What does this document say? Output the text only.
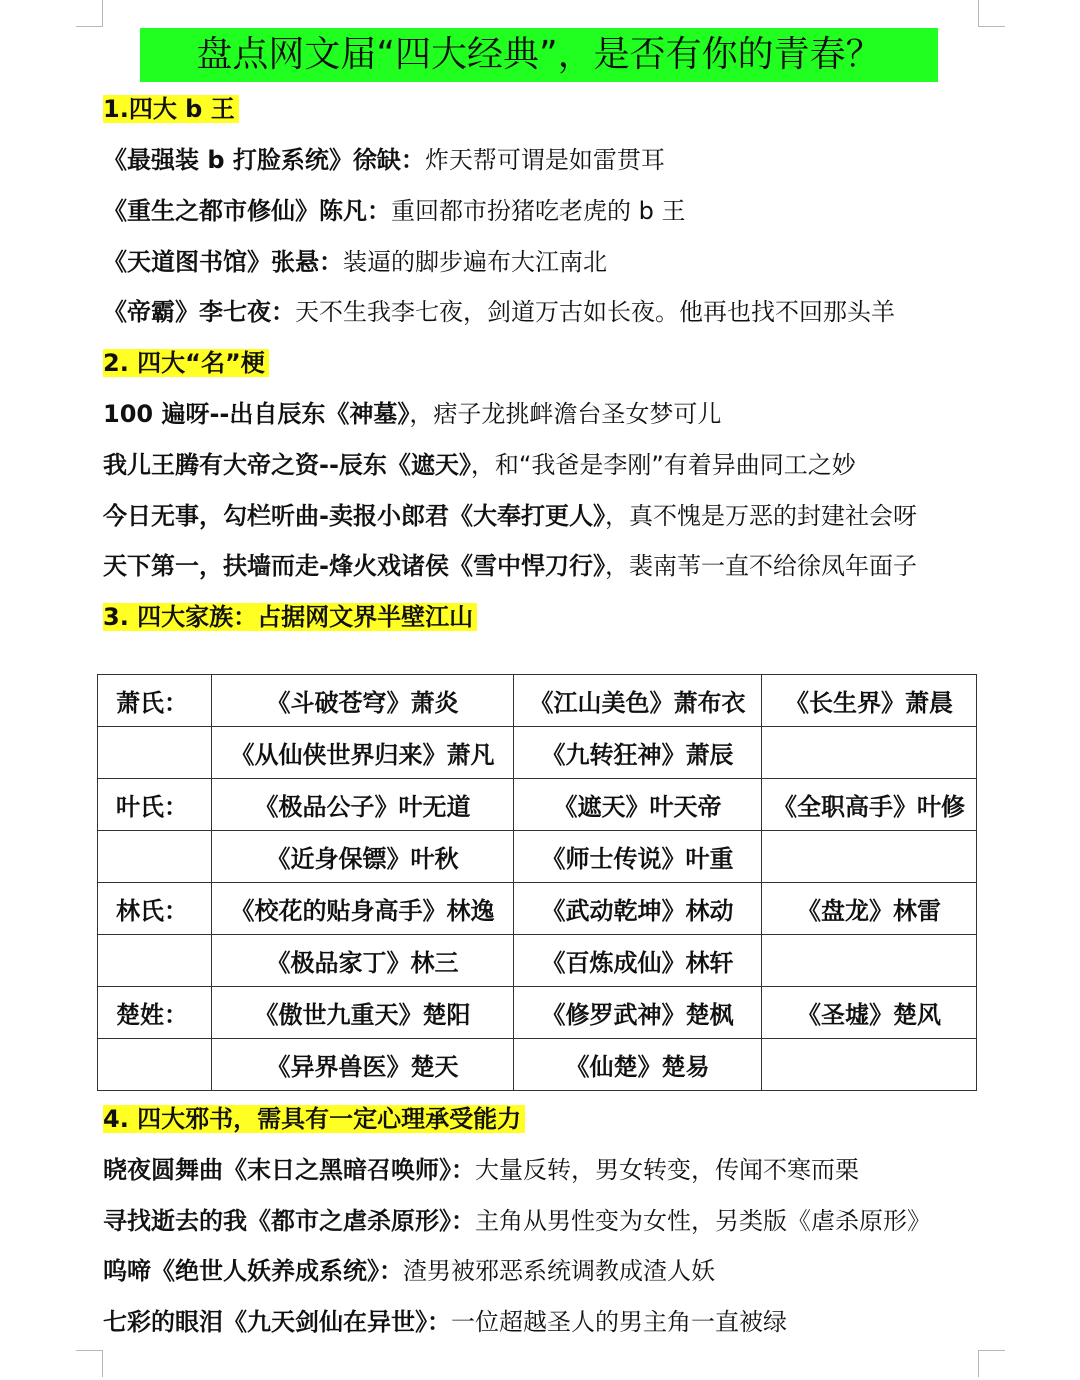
盘点网文届“四大经典”，是否有你的青春？
1.四大 b 王
《最强装 b 打脸系统》徐缺：炸天帮可谓是如雷贯耳
《重生之都市修仙》陈凡：重回都市扮猪吃老虎的 b 王
《天道图书馆》张悬：装逼的脚步遍布大江南北
《帝霸》李七夜：天不生我李七夜，剑道万古如长夜。他再也找不回那头羊
2. 四大“名”梗
100 遍呀--出自辰东《神墓》，痞子龙挑衅澹台圣女梦可儿
我儿王腾有大帝之资--辰东《遮天》，和“我爸是李刚”有着异曲同工之妙
今日无事，勾栏听曲-卖报小郎君《大奉打更人》，真不愧是万恶的封建社会呀
天下第一，扶墙而走-烽火戏诸侯《雪中悍刀行》，裴南苇一直不给徐凤年面子
3. 四大家族：占据网文界半壁江山
萧氏：	《斗破苍穹》萧炎	《江山美色》萧布衣	《长生界》萧晨
	《从仙侠世界归来》萧凡	《九转狂神》萧辰	
叶氏：	《极品公子》叶无道	《遮天》叶天帝	《全职高手》叶修
	《近身保镖》叶秋	《师士传说》叶重	
林氏：	《校花的贴身高手》林逸	《武动乾坤》林动	《盘龙》林雷
	《极品家丁》林三	《百炼成仙》林轩	
楚姓：	《傲世九重天》楚阳	《修罗武神》楚枫	《圣墟》楚风
	《异界兽医》楚天	《仙楚》楚易	
4. 四大邪书，需具有一定心理承受能力
晓夜圆舞曲《末日之黑暗召唤师》：大量反转，男女转变，传闻不寒而栗
寻找逝去的我《都市之虐杀原形》：主角从男性变为女性，另类版《虐杀原形》
呜啼《绝世人妖养成系统》：渣男被邪恶系统调教成渣人妖
七彩的眼泪《九天剑仙在异世》：一位超越圣人的男主角一直被绿
